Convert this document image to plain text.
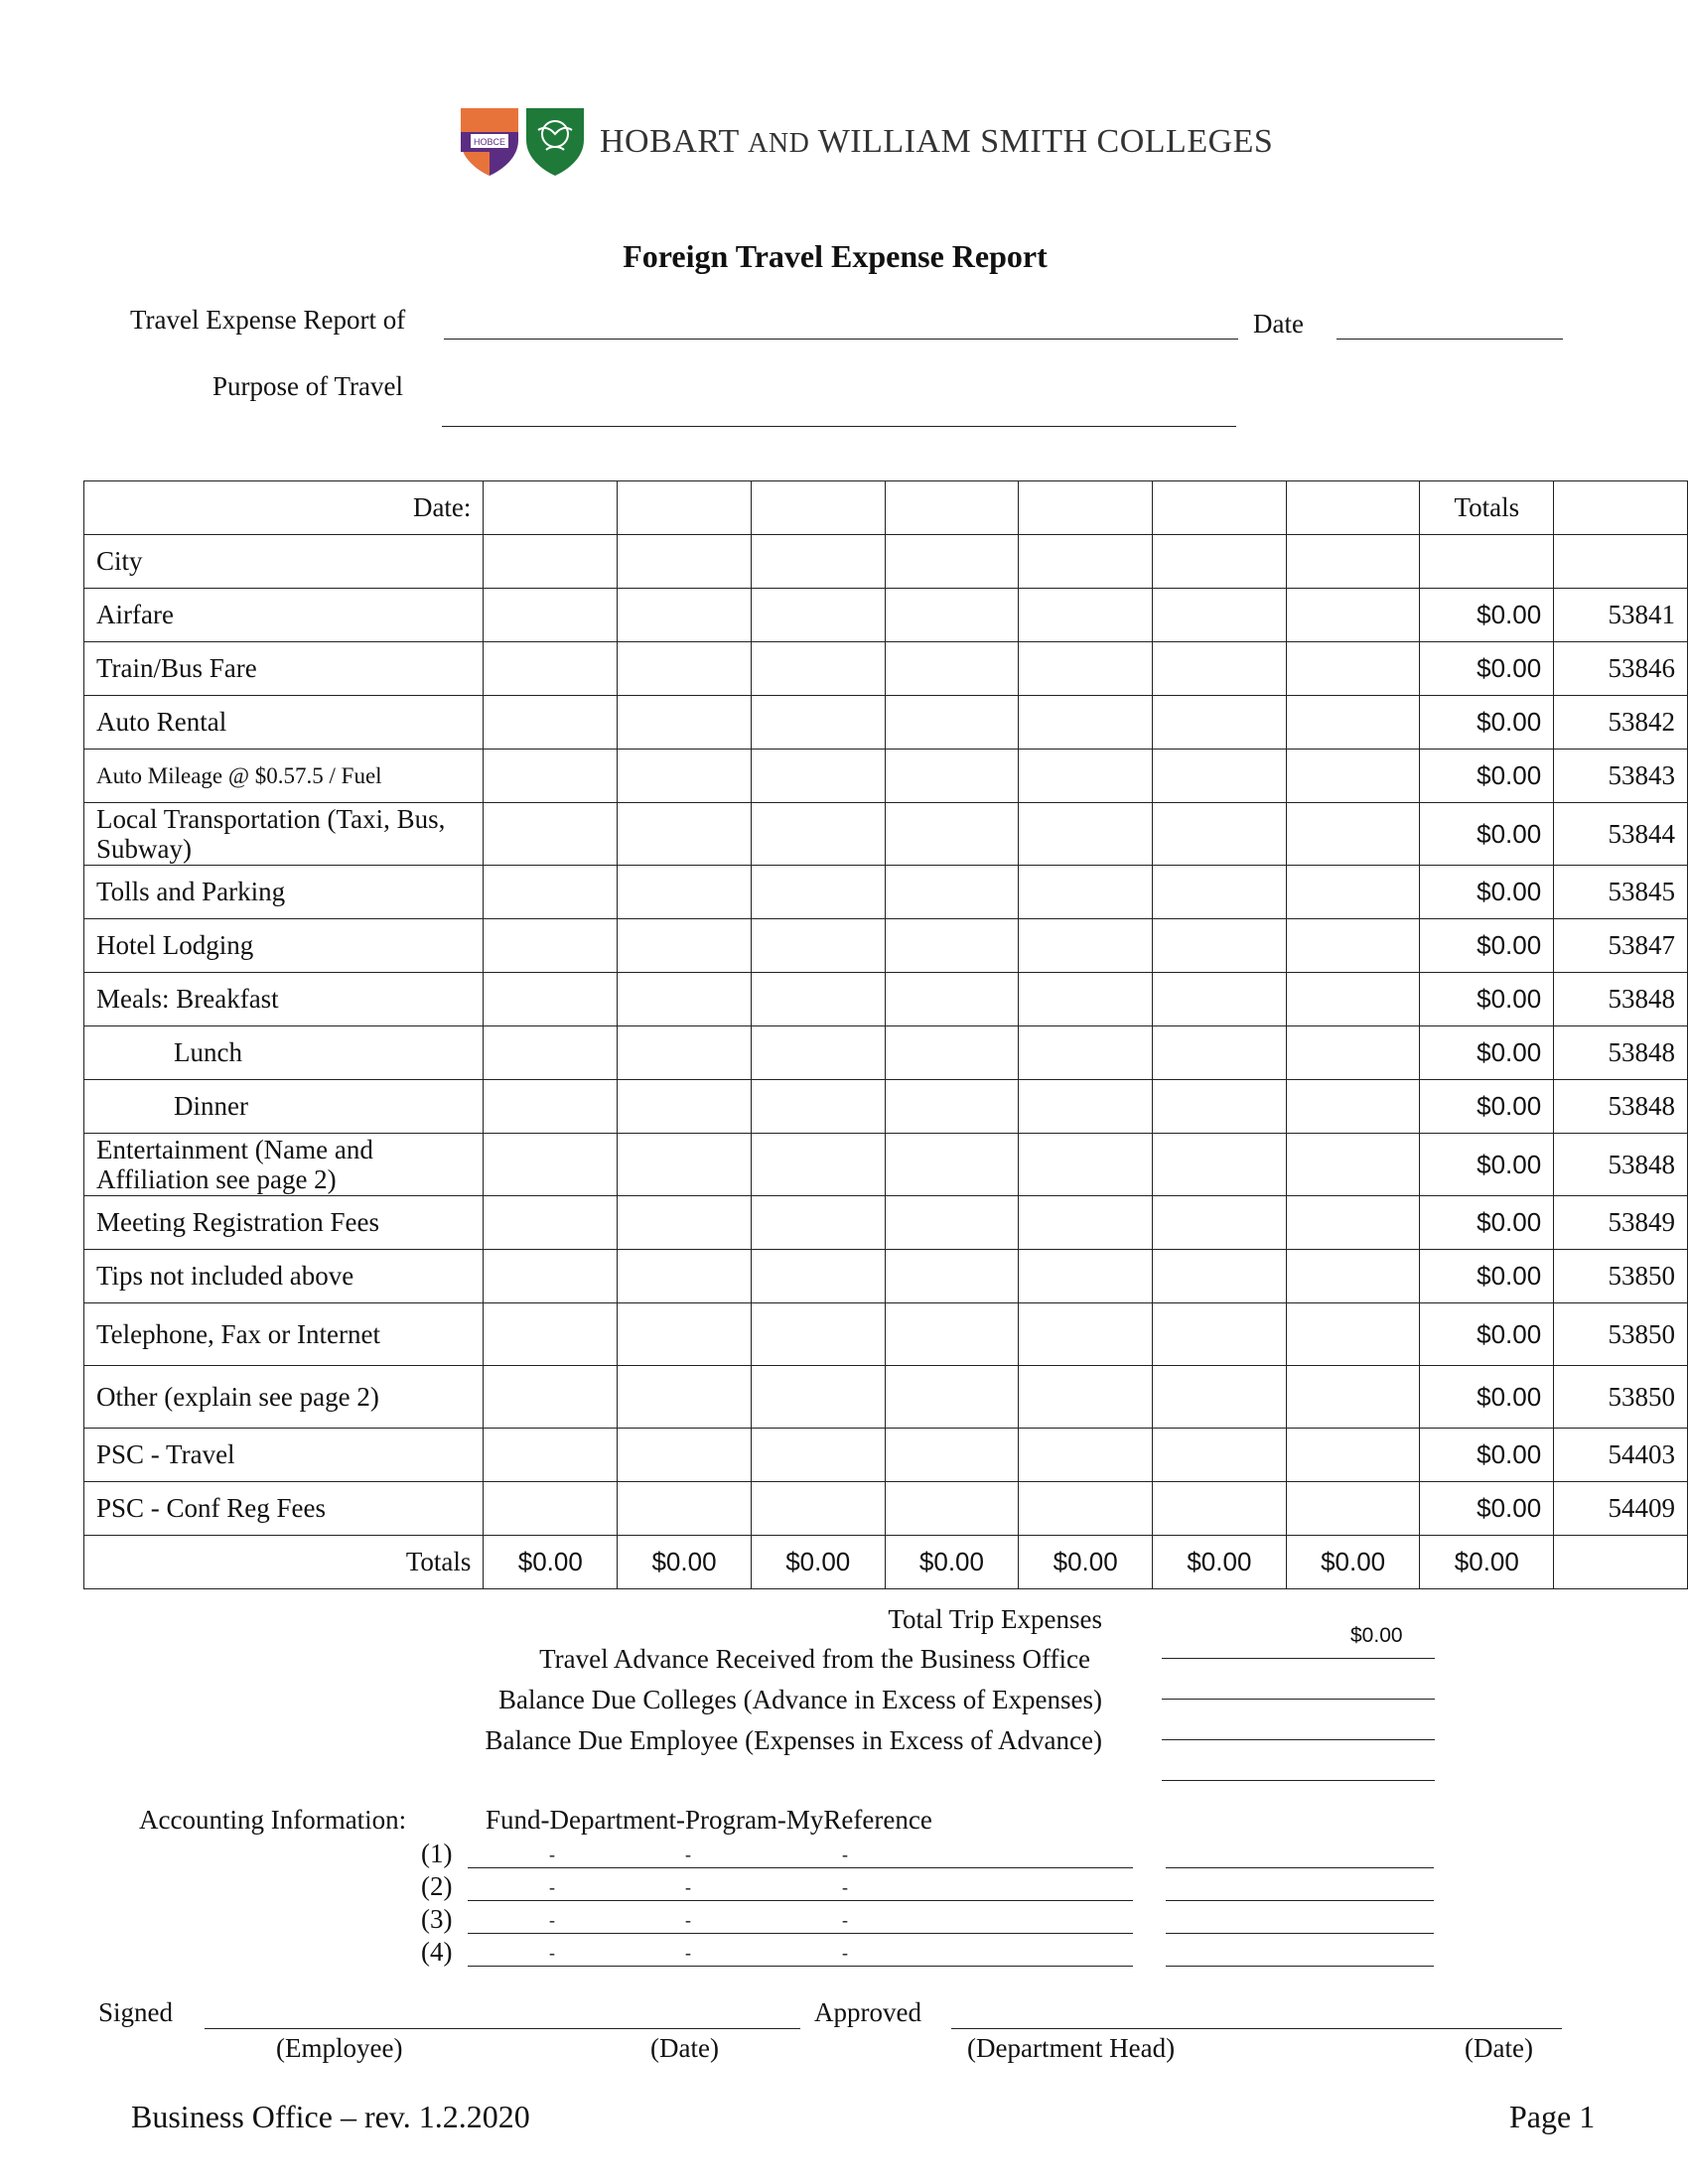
HOBCE	HOBART AND WILLIAM SMITH COLLEGES
Foreign Travel Expense Report
Travel Expense Report of	Date
Purpose of Travel
Date:								Totals	
City									
Airfare								$0.00	53841
Train/Bus Fare								$0.00	53846
Auto Rental								$0.00	53842
Auto Mileage @ $0.57.5 / Fuel								$0.00	53843
Local Transportation (Taxi, Bus, Subway)								$0.00	53844
Tolls and Parking								$0.00	53845
Hotel Lodging								$0.00	53847
Meals: Breakfast								$0.00	53848
Lunch								$0.00	53848
Dinner								$0.00	53848
Entertainment (Name and Affiliation see page 2)								$0.00	53848
Meeting Registration Fees								$0.00	53849
Tips not included above								$0.00	53850
Telephone, Fax or Internet								$0.00	53850
Other (explain see page 2)								$0.00	53850
PSC - Travel								$0.00	54403
PSC - Conf Reg Fees								$0.00	54409
Totals	$0.00	$0.00	$0.00	$0.00	$0.00	$0.00	$0.00	$0.00	
Total Trip Expenses
$0.00
Travel Advance Received from the Business Office
Balance Due Colleges (Advance in Excess of Expenses)
Balance Due Employee (Expenses in Excess of Advance)
Accounting Information:	Fund-Department-Program-MyReference
(1)	-	-	-
(2)	-	-	-
(3)	-	-	-
(4)	-	-	-
Signed	Approved
(Employee)	(Date)	(Department Head)	(Date)
Business Office – rev. 1.2.2020	Page 1
